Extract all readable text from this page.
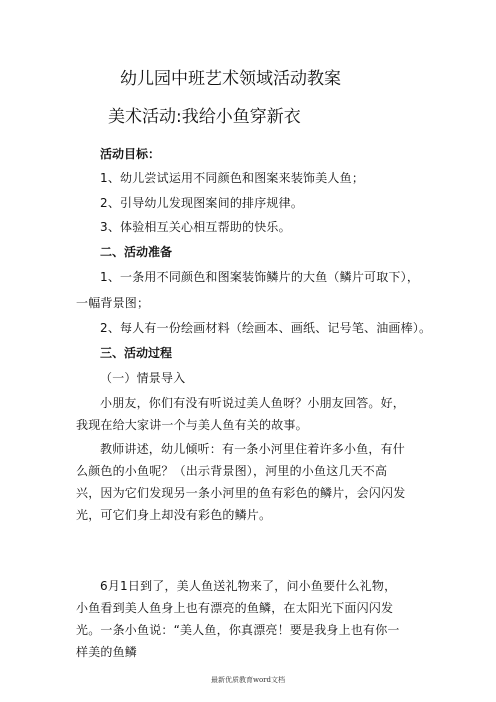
幼儿园中班艺术领域活动教案
美术活动:我给小鱼穿新衣

活动目标：

1、幼儿尝试运用不同颜色和图案来装饰美人鱼；

2、引导幼儿发现图案间的排序规律。

3、体验相互关心相互帮助的快乐。

二、活动准备

1、一条用不同颜色和图案装饰鳞片的大鱼（鳞片可取下），

一幅背景图；

2、每人有一份绘画材料（绘画本、画纸、记号笔、油画棒）。

三、活动过程

（一）情景导入

小朋友，你们有没有听说过美人鱼呀？小朋友回答。好，我现在给大家讲一个与美人鱼有关的故事。

教师讲述，幼儿倾听：有一条小河里住着许多小鱼，有什么颜色的小鱼呢？（出示背景图），河里的小鱼这几天不高兴，因为它们发现另一条小河里的鱼有彩色的鳞片，会闪闪发光，可它们身上却没有彩色的鳞片。

6月1日到了，美人鱼送礼物来了，问小鱼要什么礼物，小鱼看到美人鱼身上也有漂亮的鱼鳞，在太阳光下面闪闪发光。一条小鱼说：“美人鱼，你真漂亮！要是我身上也有你一样美的鱼鳞

最新优质教育word文档
